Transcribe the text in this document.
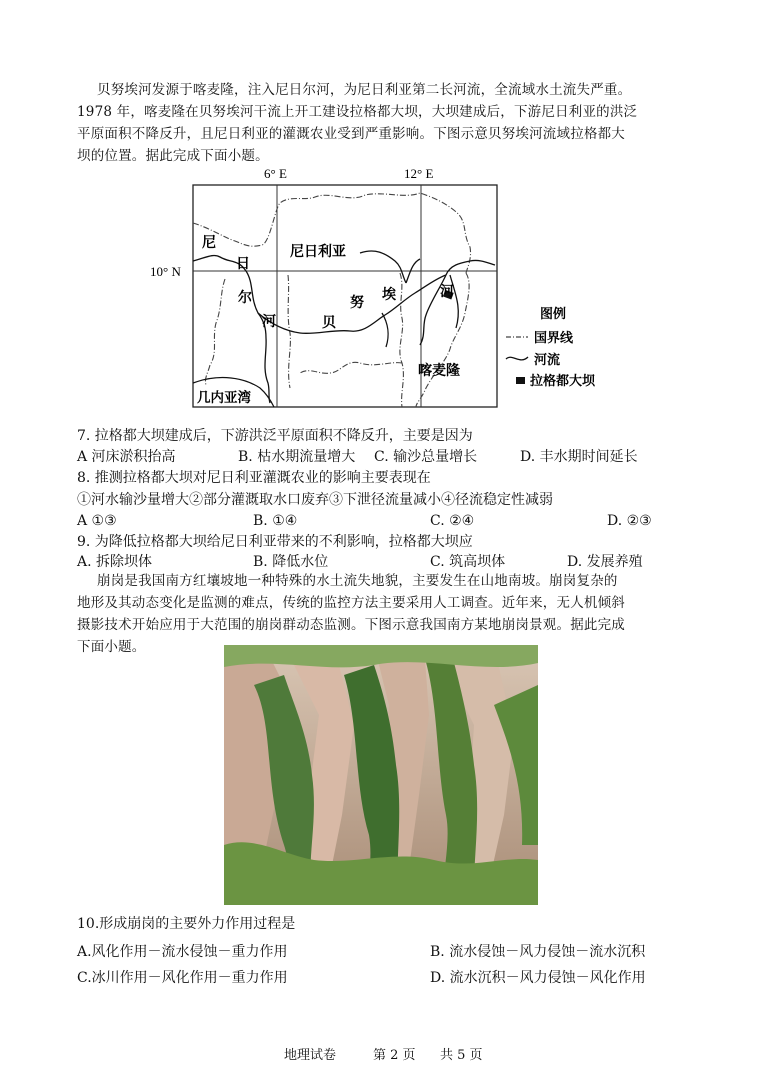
贝努埃河发源于喀麦隆，注入尼日尔河，为尼日利亚第二长河流，全流域水土流失严重。
1978 年，喀麦隆在贝努埃河干流上开工建设拉格都大坝，大坝建成后，下游尼日利亚的洪泛
平原面积不降反升，且尼日利亚的灌溉农业受到严重影响。下图示意贝努埃河流域拉格都大
坝的位置。据此完成下面小题。
6° E	12° E
10° N
几内亚湾
尼
日
尔
河
尼日利亚
贝
努 埃	河
喀麦隆
图例
国界线
河流
拉格都大坝
7. 拉格都大坝建成后，下游洪泛平原面积不降反升，主要是因为
A 河床淤积抬高	B. 枯水期流量增大 C. 输沙总量增长	D. 丰水期时间延长
8. 推测拉格都大坝对尼日利亚灌溉农业的影响主要表现在
①河水输沙量增大②部分灌溉取水口废弃③下泄径流量减小④径流稳定性减弱
A ①③	B. ①④	C. ②④	D. ②③
9. 为降低拉格都大坝给尼日利亚带来的不利影响，拉格都大坝应
A. 拆除坝体	B. 降低水位	C. 筑高坝体	D. 发展养殖
崩岗是我国南方红壤坡地一种特殊的水土流失地貌，主要发生在山地南坡。崩岗复杂的
地形及其动态变化是监测的难点，传统的监控方法主要采用人工调查。近年来，无人机倾斜
摄影技术开始应用于大范围的崩岗群动态监测。下图示意我国南方某地崩岗景观。据此完成
下面小题。
10.形成崩岗的主要外力作用过程是
A.风化作用－流水侵蚀－重力作用	B. 流水侵蚀－风力侵蚀－流水沉积
C.冰川作用－风化作用－重力作用	D. 流水沉积－风力侵蚀－风化作用
地理试卷	第 2 页 共 5 页
